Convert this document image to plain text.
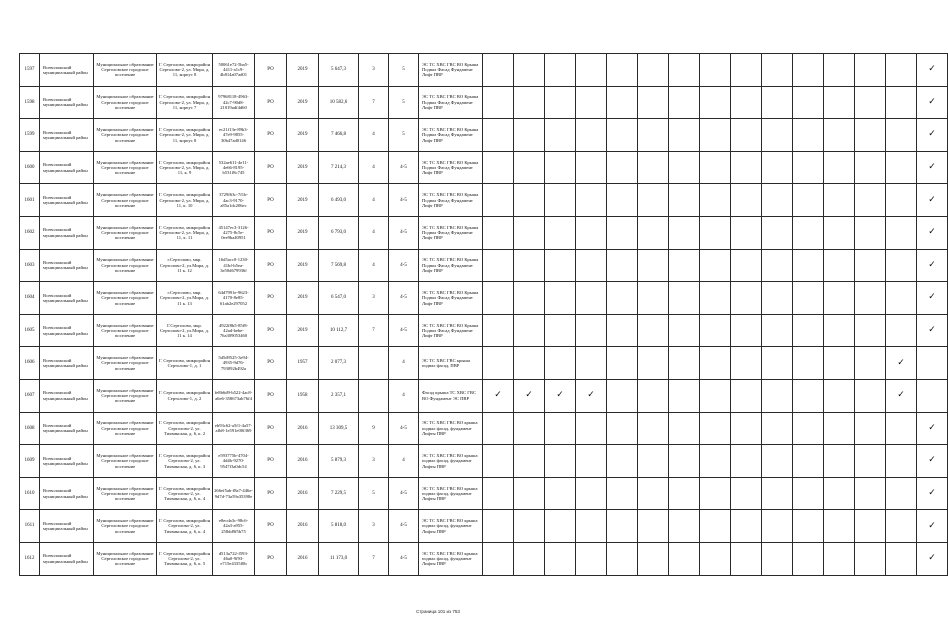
1597	Всеволожский муниципальный район	Муниципальное образование Сертоловское городское поселение	Г. Сертолово, микрорайон Сертолово-2, ул. Мира, д. 11, корпус 8	50061e72-5ba5-4411-a1c9-4b814a07ad01	РО	2019	5 647,3	3	5	ЭС ТС ХВС ГВС ВО Крыша Подвал Фасад Фундамент Лифт ПВР															✓
1598	Всеволожский муниципальный район	Муниципальное образование Сертоловское городское поселение	Г. Сертолово, микрорайон Сертолово-2, ул. Мира, д. 11, корпус 7	97968118-4963-42c7-90d8-21019adf4d60	РО	2019	10 582,6	7	5	ЭС ТС ХВС ГВС ВО Крыша Подвал Фасад Фундамент Лифт ПВР															✓
1599	Всеволожский муниципальный район	Муниципальное образование Сертоловское городское поселение	Г. Сертолово, микрорайон Сертолово-2, ул. Мира, д. 11, корпус 8	ec21f13e-89b3-47e9-9855-30b47ad0146	РО	2019	7 466,8	4	5	ЭС ТС ХВС ГВС ВО Крыша Подвал Фасад Фундамент Лифт ПВР															✓
1600	Всеволожский муниципальный район	Муниципальное образование Сертоловское городское поселение	Г. Сертолово, микрорайон Сертолово-2, ул. Мира, д. 11, к. 9	532ae611-4e11-4e66-8195-b531f8c745	РО	2019	7 214,3	4	4-5	ЭС ТС ХВС ГВС ВО Крыша Подвал Фасад Фундамент Лифт ПВР															✓
1601	Всеволожский муниципальный район	Муниципальное образование Сертоловское городское поселение	Г. Сертолово, микрорайон Сертолово-2, ул. Мира, д. 11, к. 10	3729f63c-7f1b-4ac3-9170-a85a1dc206ec	РО	2019	6 493,0	4	4-5	ЭС ТС ХВС ГВС ВО Крыша Подвал Фасад Фундамент Лифт ПВР															✓
1602	Всеволожский муниципальный район	Муниципальное образование Сертоловское городское поселение	Г. Сертолово, микрорайон Сертолово-2, ул. Мира, д. 11, к. 11	45147ec3-3126-4275-8c5e-0ee9ba40951	РО	2019	6 793,0	4	4-5	ЭС ТС ХВС ГВС ВО Крыша Подвал Фасад Фундамент Лифт ПВР															✓
1603	Всеволожский муниципальный район	Муниципальное образование Сертоловское городское поселение	г.Сертолово, мкр. Сертолово-2, ул.Мира, д. 11 к. 12	16d5acc0-1230-41bf-b5ea-3e50d679936f	РО	2019	7 569,8	4	4-5	ЭС ТС ХВС ГВС ВО Крыша Подвал Фасад Фундамент Лифт ПВР															✓
1604	Всеволожский муниципальный район	Муниципальное образование Сертоловское городское поселение	г.Сертолово, мкр. Сертолово-2, ул.Мира, д. 11 к. 13	64d7991e-9623-4170-8e85-61ab2e297052	РО	2019	6 547,0	3	4-5	ЭС ТС ХВС ГВС ВО Крыша Подвал Фасад Фундамент Лифт ПВР															✓
1605	Всеволожский муниципальный район	Муниципальное образование Сертоловское городское поселение	Г.Сертолово, мкр. Сертолово-2, ул.Мира, д. 11 к. 14	4922f8b5-85f8-42ad-bebe-76a309053460	РО	2019	10 112,7	7	4-5	ЭС ТС ХВС ГВС ВО Крыша Подвал Фасад Фундамент Лифт ПВР															✓
1606	Всеволожский муниципальный район	Муниципальное образование Сертоловское городское поселение	Г. Сертолово, микрорайон Сертолово-1, д. 1	5d5d9525-3e94-4935-9d76-793092b492a	РО	1957	2 077,3		4	ЭС ТС ХВС ГВС крыша подвал фасад, ПВР														✓	
1607	Всеволожский муниципальный район	Муниципальное образование Сертоловское городское поселение	Г. Сертолово, микрорайон Сертолово-1, д. 2	fe8b6d9-b522-4ac8-a6e6-358673ab76f4	РО	1958	2 357,1		4	Фасад крыша ТС ХВС ГВС ВО Фундамент ЭС ПВР	✓	✓	✓	✓										✓	
1608	Всеволожский муниципальный район	Муниципальное образование Сертоловское городское поселение	Г. Сертолово, микрорайон Сертолово-2, ул. Тихвинская, д. 6, к. 2	eb93c62-a5f1-4a57-afb8-1e591e00f369	РО	2016	13 309,5	9	4-5	ЭС ТС ХВС ГВС ВО крыша подвал фасад, фундамент Лифты ПВР															✓
1609	Всеволожский муниципальный район	Муниципальное образование Сертоловское городское поселение	Г. Сертолово, микрорайон Сертолово-2, ул. Тихвинская, д. 6, к. 3	e593775b-4704-4d4b-9270-9547f3a0dc54	РО	2016	5 879,3	3	4	ЭС ТС ХВС ГВС ВО крыша подвал фасад, фундамент Лифты ПВР															✓
1610	Всеволожский муниципальный район	Муниципальное образование Сертоловское городское поселение	Г. Сертолово, микрорайон Сертолово-2, ул. Тихвинская, д. 6, к. 4	266ef5ab-f8a7-446e-9d7d-73a59a35398e	РО	2016	7 229,5	5	4-5	ЭС ТС ХВС ГВС ВО крыша подвал фасад, фундамент Лифты ПВР															✓
1611	Всеволожский муниципальный район	Муниципальное образование Сертоловское городское поселение	Г. Сертолово, микрорайон Сертолово-2, ул. Тихвинская, д. 6, к. 4	e8ecda3c-98c6-42a3-a955-258dd9f5b75	РО	2016	5 818,0	3	4-5	ЭС ТС ХВС ГВС ВО крыша подвал фасад, фундамент Лифты ПВР															✓
1612	Всеволожский муниципальный район	Муниципальное образование Сертоловское городское поселение	Г. Сертолово, микрорайон Сертолово-2, ул. Тихвинская, д. 6, к. 5	d513a722-f593-46a0-9f93-e715e4335f0b	РО	2016	11 173,0	7	4-5	ЭС ТС ХВС ГВС ВО крыша подвал фасад, фундамент Лифты ПВР															✓
Страница 101 из 753
